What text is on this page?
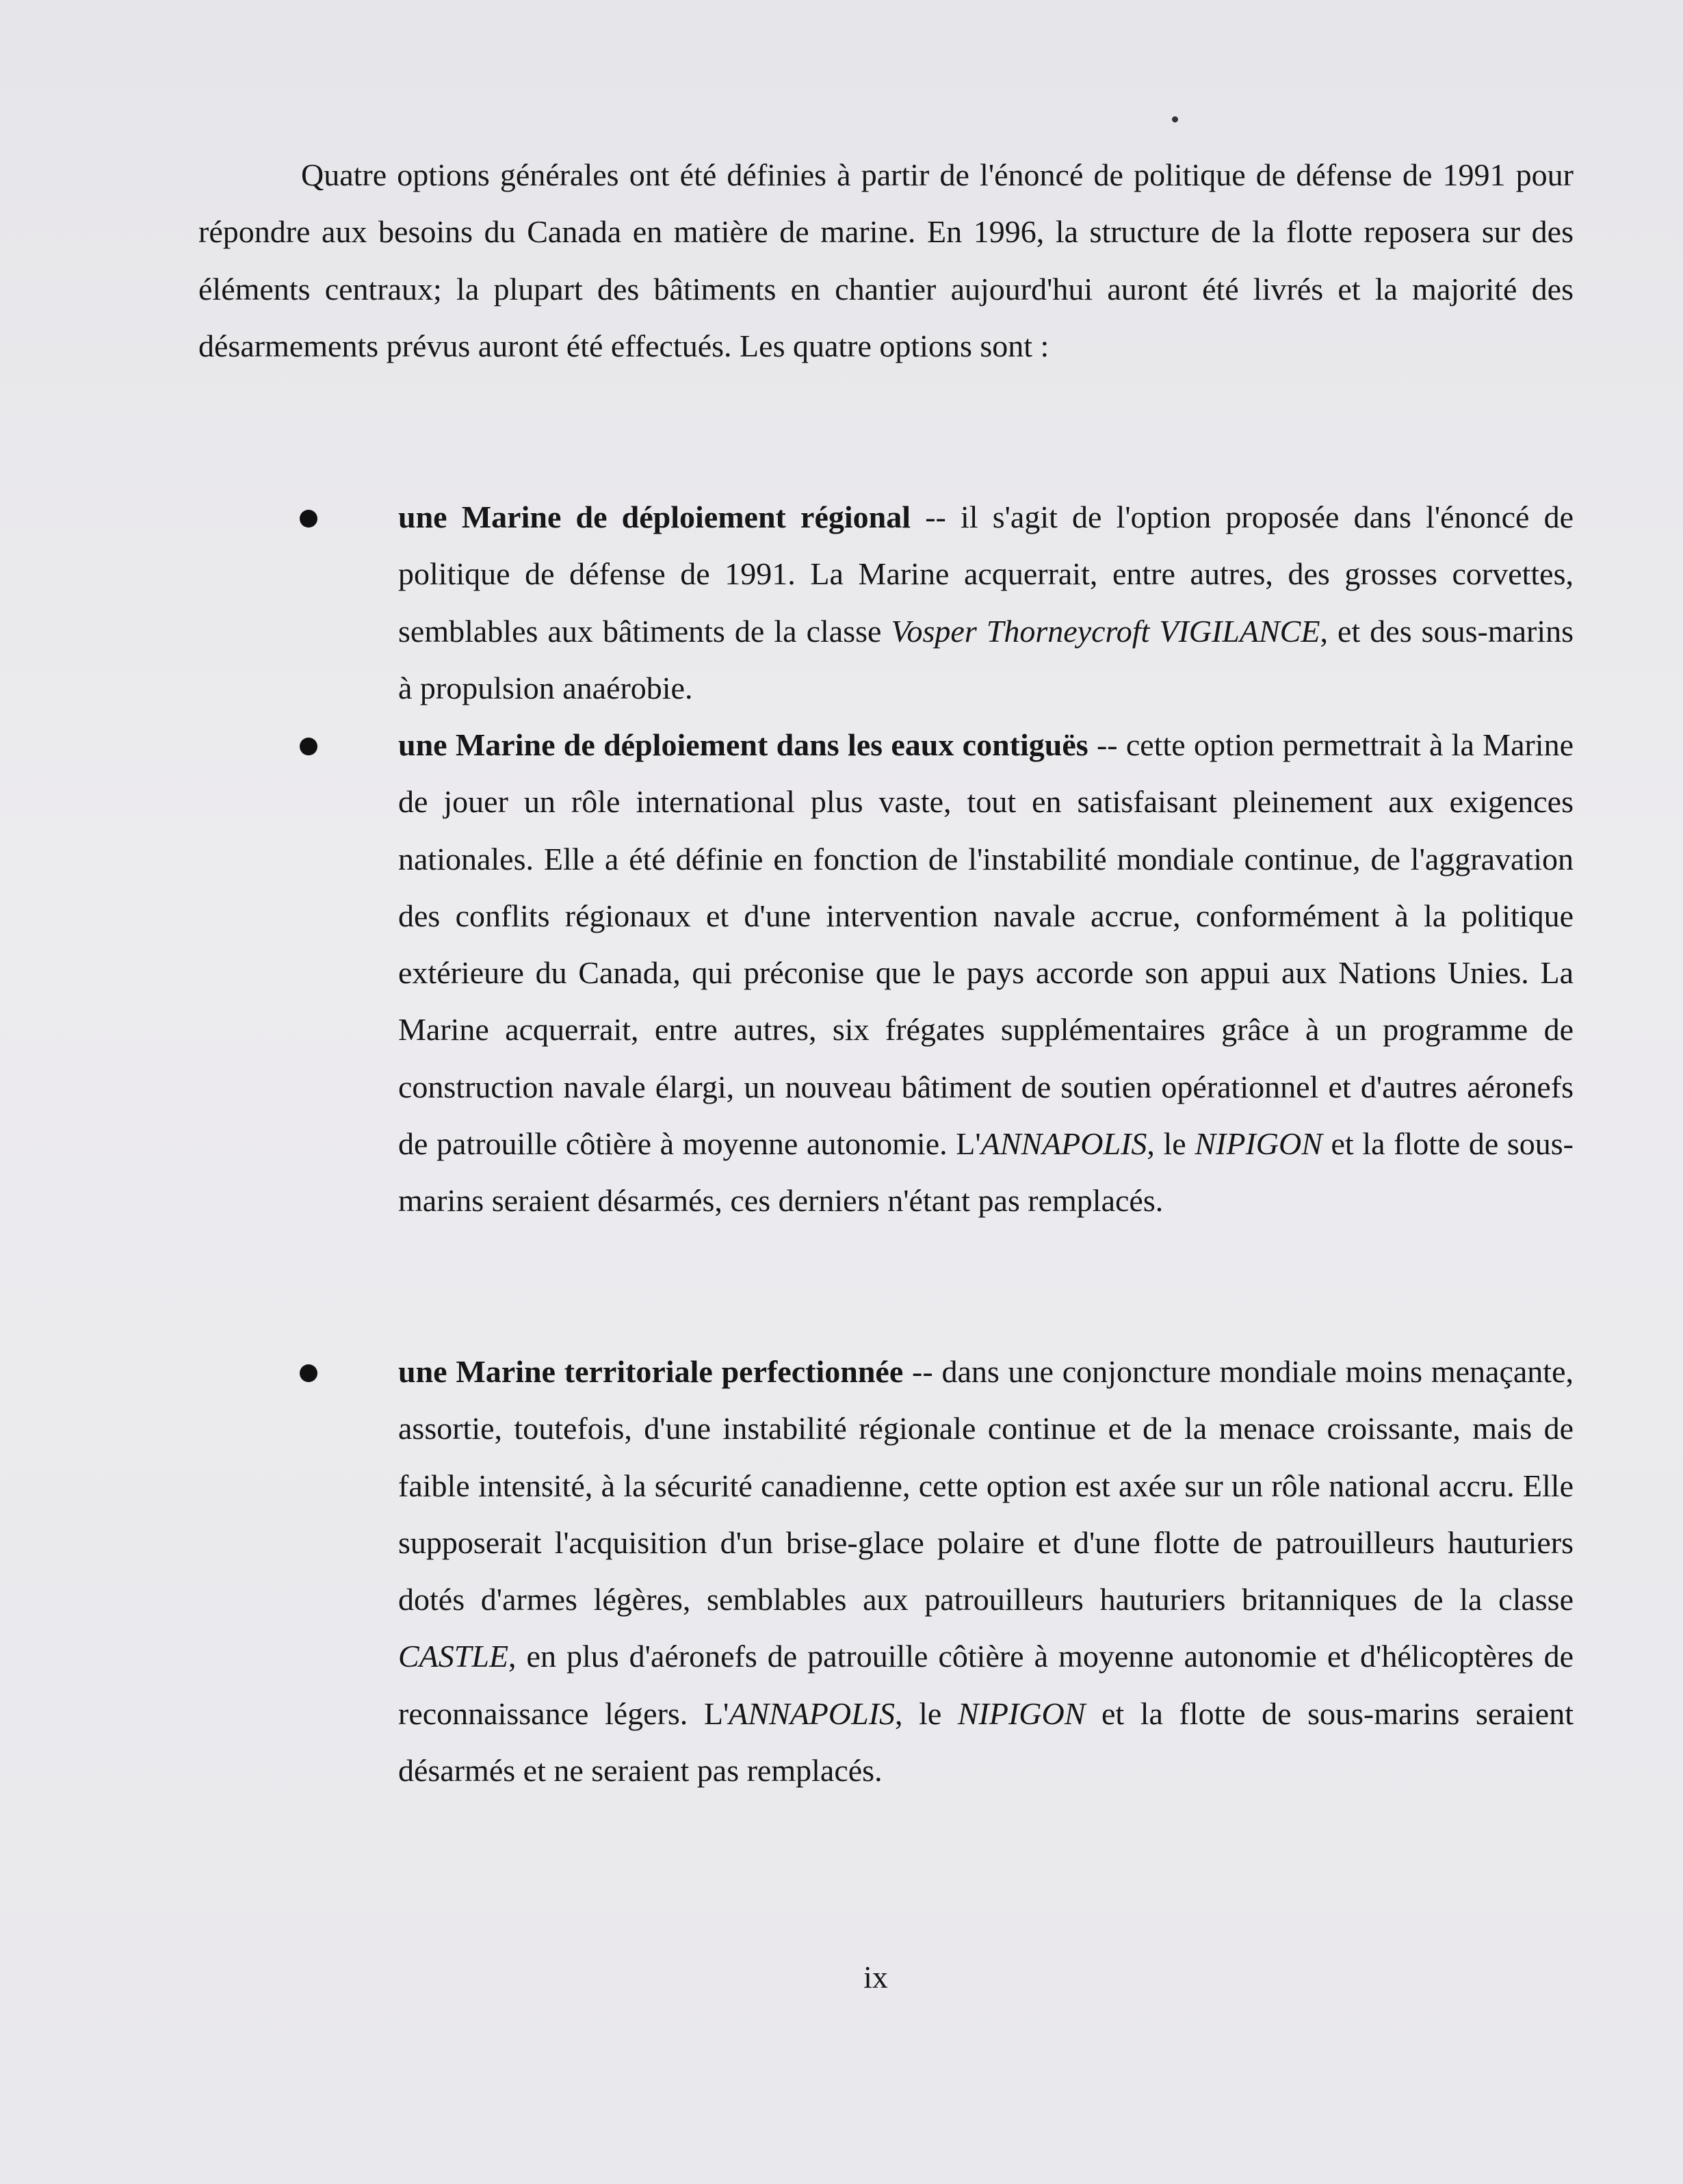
Quatre options générales ont été définies à partir de l'énoncé de politique de défense de 1991 pour répondre aux besoins du Canada en matière de marine. En 1996, la structure de la flotte reposera sur des éléments centraux; la plupart des bâtiments en chantier aujourd'hui auront été livrés et la majorité des désarmements prévus auront été effectués. Les quatre options sont :

une Marine de déploiement régional -- il s'agit de l'option proposée dans l'énoncé de politique de défense de 1991. La Marine acquerrait, entre autres, des grosses corvettes, semblables aux bâtiments de la classe Vosper Thorneycroft VIGILANCE, et des sous-marins à propulsion anaérobie.
une Marine de déploiement dans les eaux contiguës -- cette option permettrait à la Marine de jouer un rôle international plus vaste, tout en satisfaisant pleinement aux exigences nationales. Elle a été définie en fonction de l'instabilité mondiale continue, de l'aggravation des conflits régionaux et d'une intervention navale accrue, conformément à la politique extérieure du Canada, qui préconise que le pays accorde son appui aux Nations Unies. La Marine acquerrait, entre autres, six frégates supplémentaires grâce à un programme de construction navale élargi, un nouveau bâtiment de soutien opérationnel et d'autres aéronefs de patrouille côtière à moyenne autonomie. L'ANNAPOLIS, le NIPIGON et la flotte de sous-marins seraient désarmés, ces derniers n'étant pas remplacés.
une Marine territoriale perfectionnée -- dans une conjoncture mondiale moins menaçante, assortie, toutefois, d'une instabilité régionale continue et de la menace croissante, mais de faible intensité, à la sécurité canadienne, cette option est axée sur un rôle national accru. Elle supposerait l'acquisition d'un brise-glace polaire et d'une flotte de patrouilleurs hauturiers dotés d'armes légères, semblables aux patrouilleurs hauturiers britanniques de la classe CASTLE, en plus d'aéronefs de patrouille côtière à moyenne autonomie et d'hélicoptères de reconnaissance légers. L'ANNAPOLIS, le NIPIGON et la flotte de sous-marins seraient désarmés et ne seraient pas remplacés.
ix
